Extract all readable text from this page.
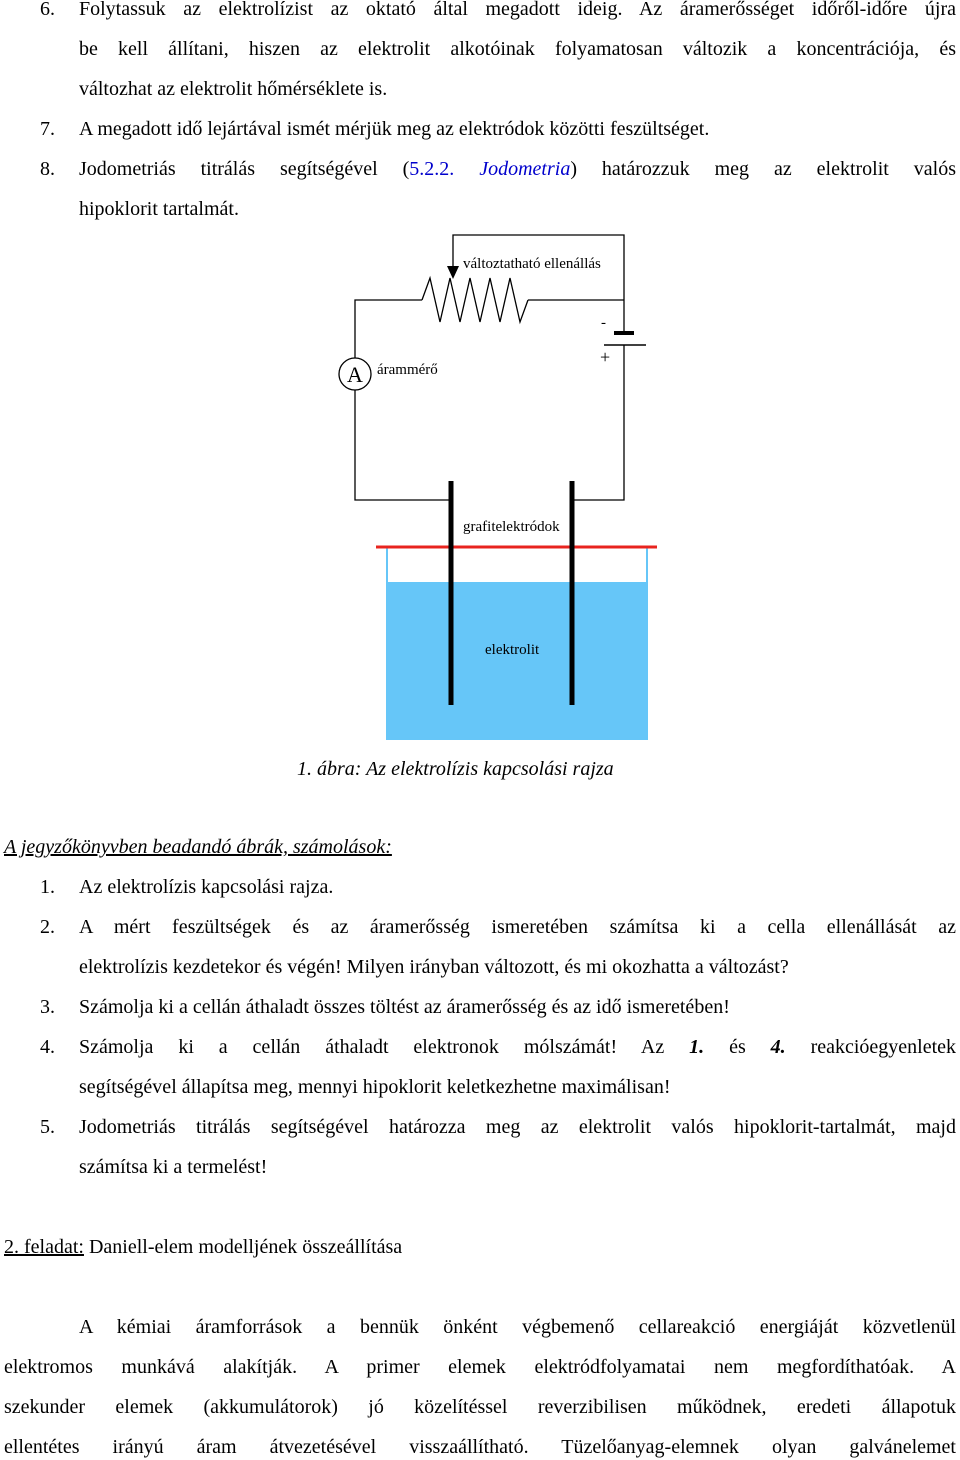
6. Folytassuk az elektrolízist az oktató által megadott ideig. Az áramerősséget időről-időre újra
be kell állítani, hiszen az elektrolit alkotóinak folyamatosan változik a koncentrációja, és
változhat az elektrolit hőmérséklete is.
7. A megadott idő lejártával ismét mérjük meg az elektródok közötti feszültséget.
8. Jodometriás titrálás segítségével (5.2.2. Jodometria) határozzuk meg az elektrolit valós
hipoklorit tartalmát.
-
+
A
változtatható ellenállás
árammérő
grafitelektródok
elektrolit
1. ábra: Az elektrolízis kapcsolási rajza
A jegyzőkönyvben beadandó ábrák, számolások:
1. Az elektrolízis kapcsolási rajza.
2. A mért feszültségek és az áramerősség ismeretében számítsa ki a cella ellenállását az
elektrolízis kezdetekor és végén! Milyen irányban változott, és mi okozhatta a változást?
3. Számolja ki a cellán áthaladt összes töltést az áramerősség és az idő ismeretében!
4. Számolja ki a cellán áthaladt elektronok mólszámát! Az 1. és 4. reakcióegyenletek
segítségével állapítsa meg, mennyi hipoklorit keletkezhetne maximálisan!
5. Jodometriás titrálás segítségével határozza meg az elektrolit valós hipoklorit-tartalmát, majd
számítsa ki a termelést!
2. feladat: Daniell-elem modelljének összeállítása
A kémiai áramforrások a bennük önként végbemenő cellareakció energiáját közvetlenül
elektromos munkává alakítják. A primer elemek elektródfolyamatai nem megfordíthatóak. A
szekunder elemek (akkumulátorok) jó közelítéssel reverzibilisen működnek, eredeti állapotuk
ellentétes irányú áram átvezetésével visszaállítható. Tüzelőanyag-elemnek olyan galvánelemet
